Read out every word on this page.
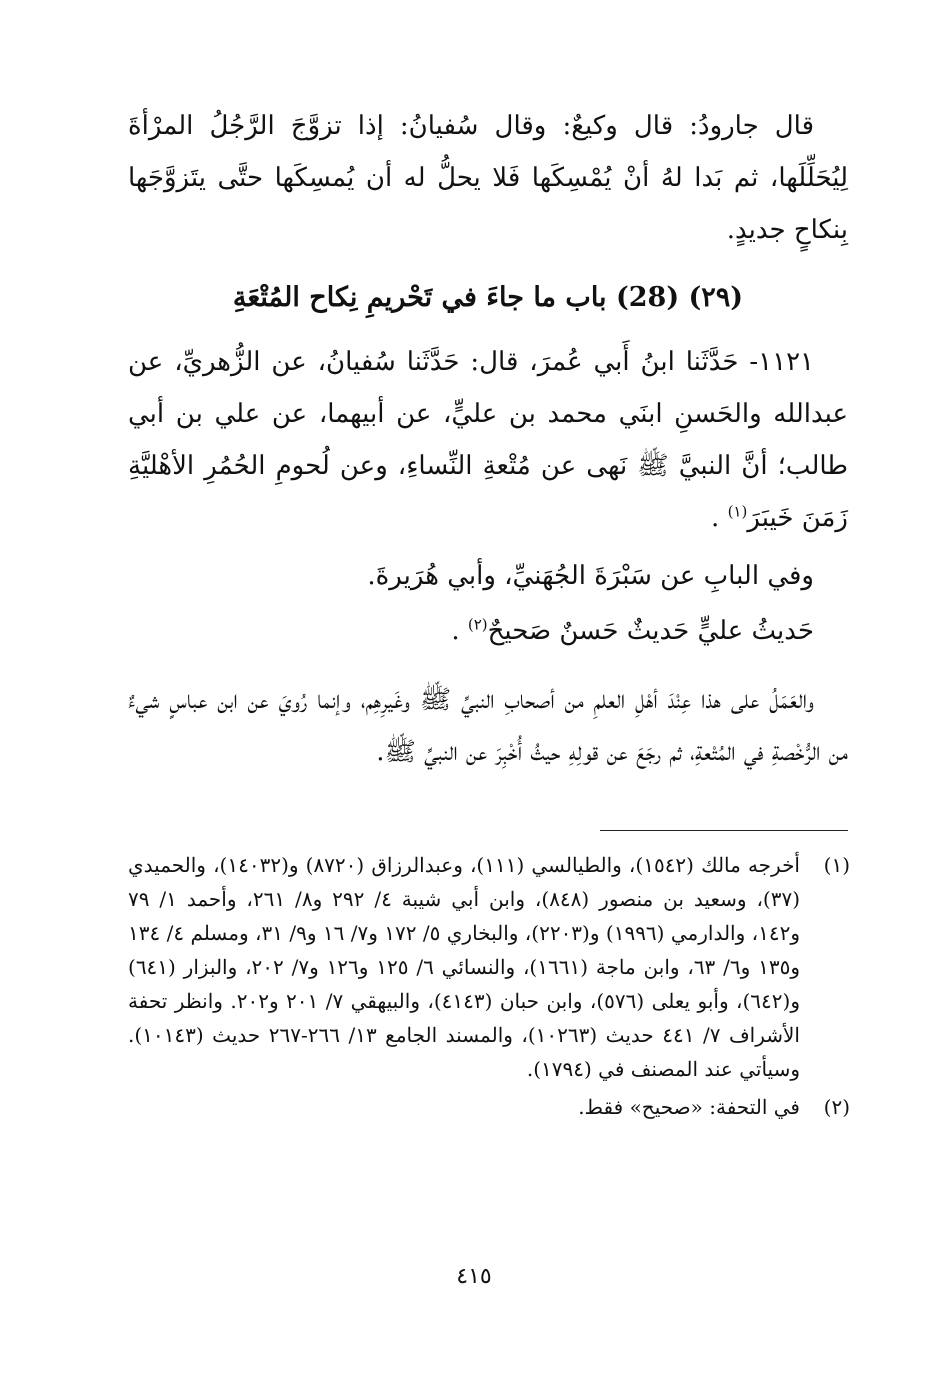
قال جارودُ: قال وكيعٌ: وقال سُفيانُ: إذا تزوَّجَ الرَّجُلُ المرْأةَ لِيُحَلِّلَها، ثم بَدا لهُ أنْ يُمْسِكَها فَلا يحلُّ له أن يُمسِكَها حتَّى يتَزوَّجَها بِنكاحٍ جديدٍ.

(٢٩) (28) باب ما جاءَ في تَحْريمِ نِكاح المُتْعَةِ

١١٢١- حَدَّثَنا ابنُ أَبي عُمرَ، قال: حَدَّثَنا سُفيانُ، عن الزُّهريِّ، عن عبدالله والحَسنِ ابنَي محمد بن عليٍّ، عن أبيهما، عن علي بن أبي طالب؛ أنَّ النبيَّ ﷺ نَهى عن مُتْعةِ النِّساءِ، وعن لُحومِ الحُمُرِ الأهْليَّةِ زَمَنَ خَيبَرَ$^{(١)}$ .

وفي البابِ عن سَبْرَةَ الجُهَنيِّ، وأبي هُرَيرةَ.

حَديثُ عليٍّ حَديثٌ حَسنٌ صَحيحٌ$^{(٢)}$ .

والعَمَلُ على هذا عِنْدَ أهْلِ العلمِ من أصحابِ النبيِّ ﷺ وغَيرِهِم، وإنما رُويَ عن ابن عباسٍ شيءٌ من الرُّخْصةِ في المُتْعةِ، ثم رجَعَ عن قولِهِ حيثُ أُخْبِرَ عن النبيِّ ﷺ.

(١)
أخرجه مالك (١٥٤٢)، والطيالسي (١١١)، وعبدالرزاق (٨٧٢٠) و(١٤٠٣٢)، والحميدي (٣٧)، وسعيد بن منصور (٨٤٨)، وابن أبي شيبة ٤/ ٢٩٢ و٨/ ٢٦١، وأحمد ١/ ٧٩ و١٤٢، والدارمي (١٩٩٦) و(٢٢٠٣)، والبخاري ٥/ ١٧٢ و٧/ ١٦ و٩/ ٣١، ومسلم ٤/ ١٣٤ و١٣٥ و٦/ ٦٣، وابن ماجة (١٦٦١)، والنسائي ٦/ ١٢٥ و١٢٦ و٧/ ٢٠٢، والبزار (٦٤١) و(٦٤٢)، وأبو يعلى (٥٧٦)، وابن حبان (٤١٤٣)، والبيهقي ٧/ ٢٠١ و٢٠٢. وانظر تحفة الأشراف ٧/ ٤٤١ حديث (١٠٢٦٣)، والمسند الجامع ١٣/ ٢٦٦-٢٦٧ حديث (١٠١٤٣). وسيأتي عند المصنف في (١٧٩٤).
(٢)
في التحفة: «صحيح» فقط.
٤١٥
